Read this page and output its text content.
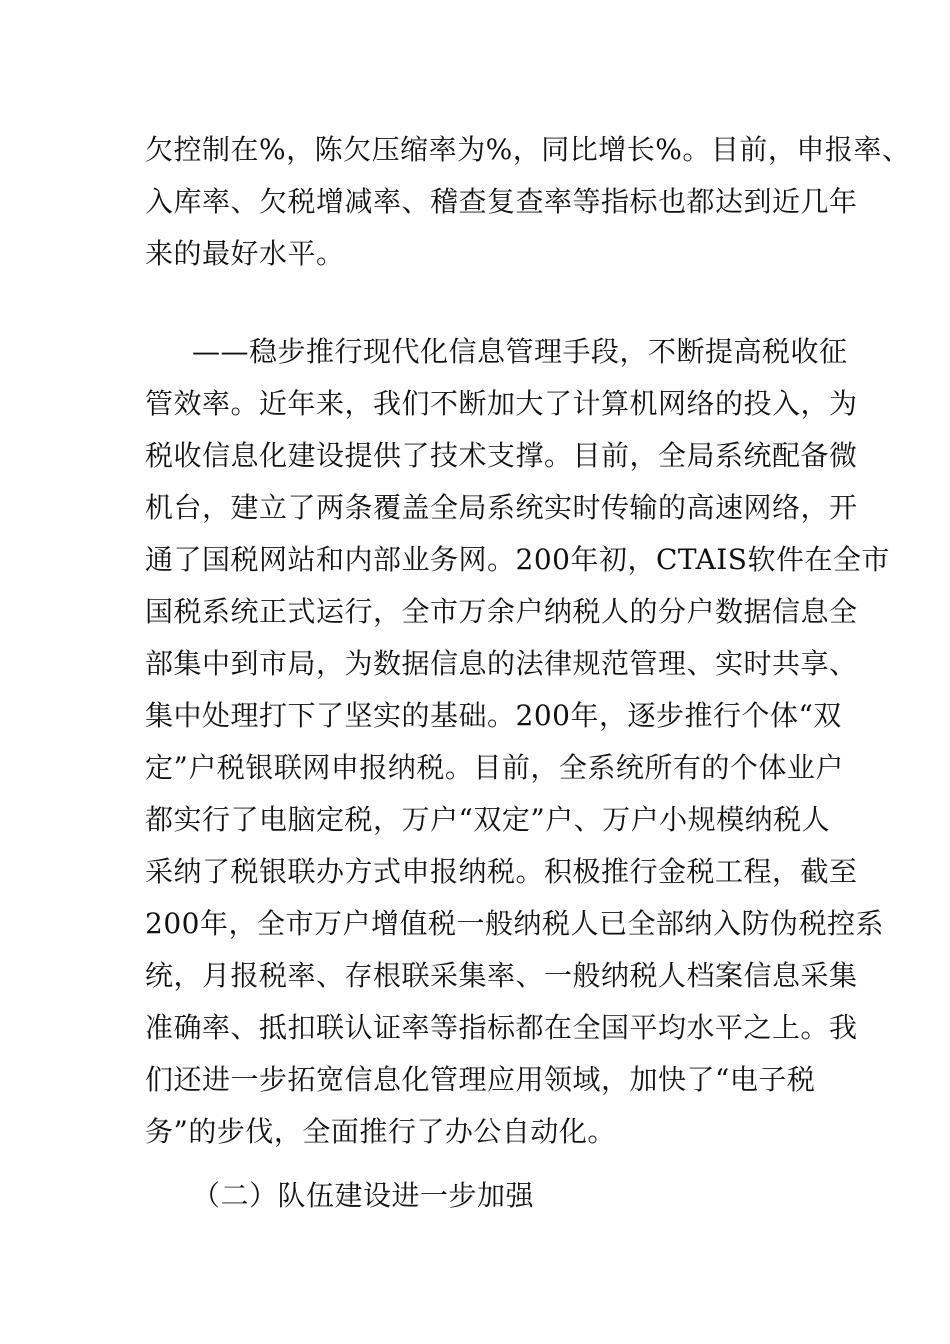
欠控制在%，陈欠压缩率为%，同比增长%。目前，申报率、
入库率、欠税增减率、稽查复查率等指标也都达到近几年
来的最好水平。
——稳步推行现代化信息管理手段，不断提高税收征
管效率。近年来，我们不断加大了计算机网络的投入，为
税收信息化建设提供了技术支撑。目前，全局系统配备微
机台，建立了两条覆盖全局系统实时传输的高速网络，开
通了国税网站和内部业务网。200年初，CTAIS软件在全市
国税系统正式运行，全市万余户纳税人的分户数据信息全
部集中到市局，为数据信息的法律规范管理、实时共享、
集中处理打下了坚实的基础。200年，逐步推行个体“双
定”户税银联网申报纳税。目前，全系统所有的个体业户
都实行了电脑定税，万户“双定”户、万户小规模纳税人
采纳了税银联办方式申报纳税。积极推行金税工程，截至
200年，全市万户增值税一般纳税人已全部纳入防伪税控系
统，月报税率、存根联采集率、一般纳税人档案信息采集
准确率、抵扣联认证率等指标都在全国平均水平之上。我
们还进一步拓宽信息化管理应用领域，加快了“电子税
务”的步伐，全面推行了办公自动化。
（二）队伍建设进一步加强
